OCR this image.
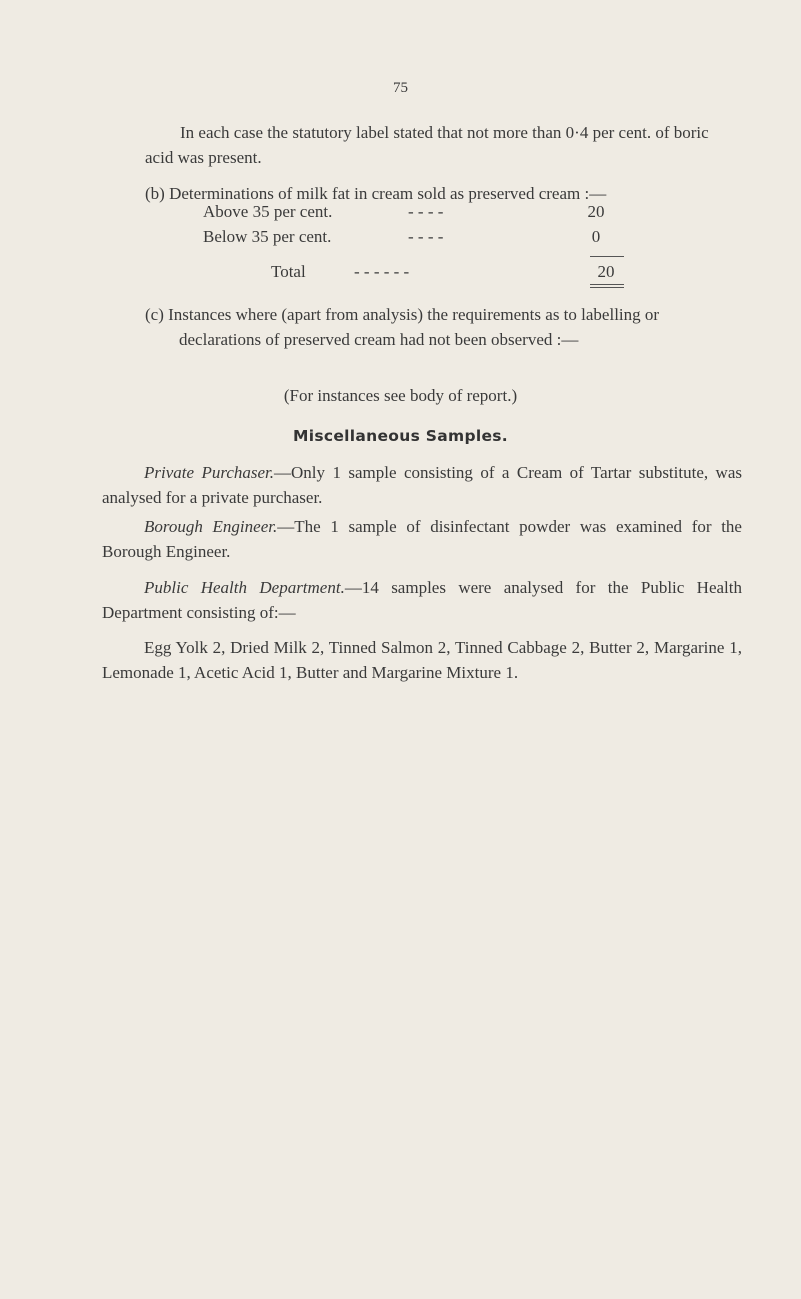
75

In each case the statutory label stated that not more than 0·4 per cent. of boric acid was present.

(b) Determinations of milk fat in cream sold as preserved cream :—

Above 35 per cent.	- - - -	20
Below 35 per cent.	- - - -	0
Total	- - - - - -	20

(c) Instances where (apart from analysis) the requirements as to labelling or declarations of preserved cream had not been observed :—

(For instances see body of report.)
Miscellaneous Samples.

Private Purchaser.—Only 1 sample consisting of a Cream of Tartar substitute, was analysed for a private purchaser.

Borough Engineer.—The 1 sample of disinfectant powder was examined for the Borough Engineer.

Public Health Department.—14 samples were analysed for the Public Health Department consisting of:—

Egg Yolk 2, Dried Milk 2, Tinned Salmon 2, Tinned Cabbage 2, Butter 2, Margarine 1, Lemonade 1, Acetic Acid 1, Butter and Margarine Mixture 1.
